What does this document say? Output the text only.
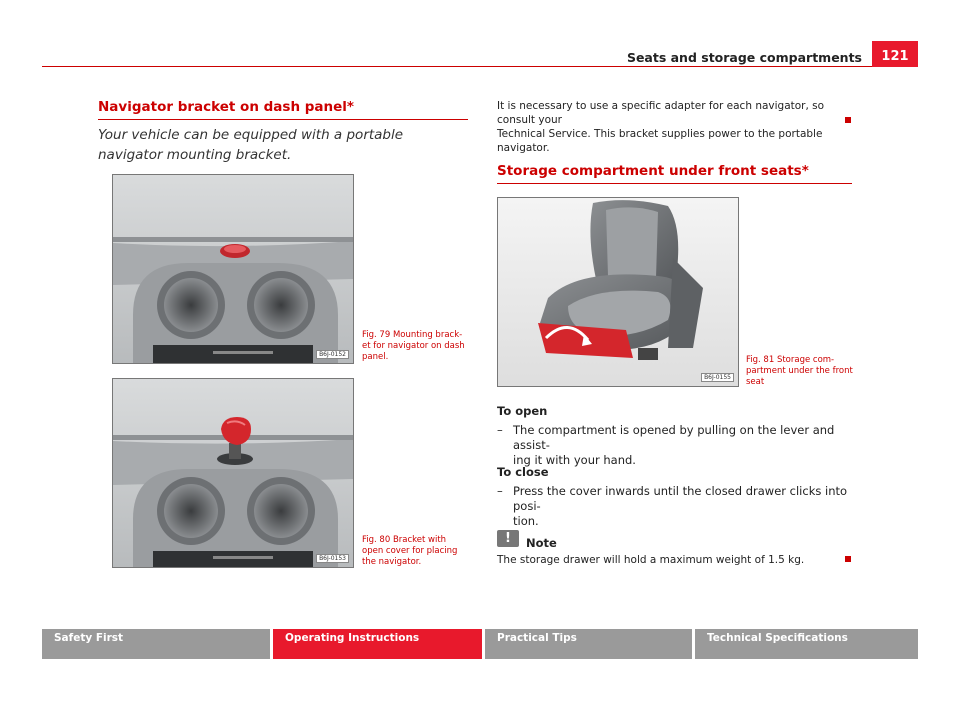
Seats and storage compartments	121
Navigator bracket on dash panel*
Your vehicle can be equipped with a portable navigator mounting bracket.
B6J-0152
Fig. 79 Mounting brack-
et for navigator on dash
panel.
B6J-0153
Fig. 80 Bracket with
open cover for placing
the navigator.
It is necessary to use a specific adapter for each navigator, so consult your
Technical Service. This bracket supplies power to the portable navigator.
Storage compartment under front seats*
B6J-0155
Fig. 81 Storage com-
partment under the front
seat
To open
– The compartment is opened by pulling on the lever and assist-
ing it with your hand.
To close
– Press the cover inwards until the closed drawer clicks into posi-
tion.
!	Note
The storage drawer will hold a maximum weight of 1.5 kg.
Safety First	Operating Instructions	Practical Tips	Technical Specifications
